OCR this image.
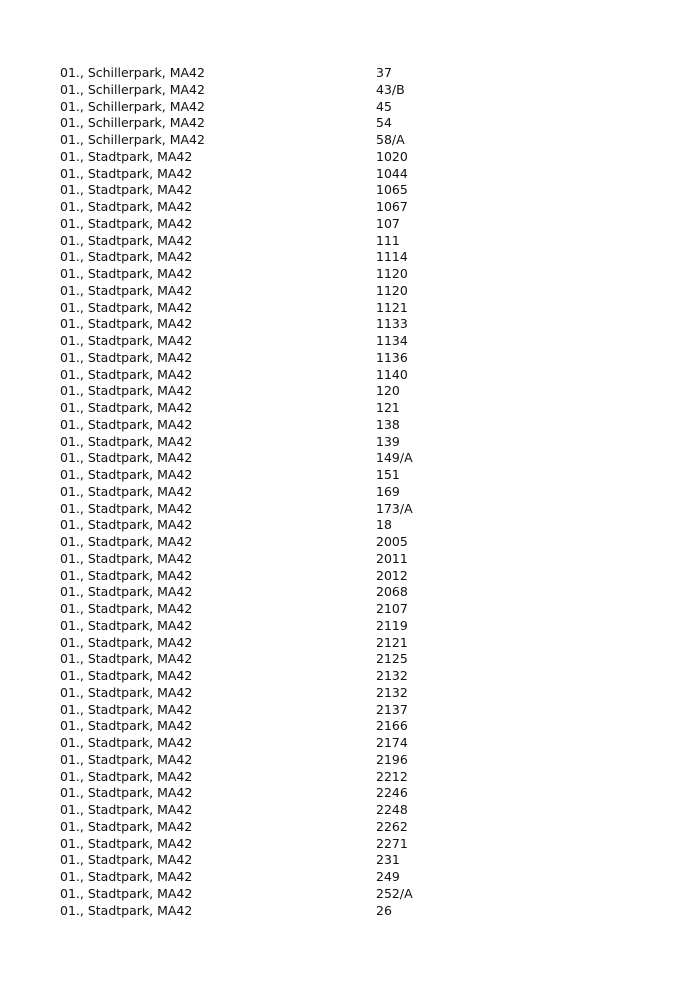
01., Schillerpark, MA42	37
01., Schillerpark, MA42	43/B
01., Schillerpark, MA42	45
01., Schillerpark, MA42	54
01., Schillerpark, MA42	58/A
01., Stadtpark, MA42	1020
01., Stadtpark, MA42	1044
01., Stadtpark, MA42	1065
01., Stadtpark, MA42	1067
01., Stadtpark, MA42	107
01., Stadtpark, MA42	111
01., Stadtpark, MA42	1114
01., Stadtpark, MA42	1120
01., Stadtpark, MA42	1120
01., Stadtpark, MA42	1121
01., Stadtpark, MA42	1133
01., Stadtpark, MA42	1134
01., Stadtpark, MA42	1136
01., Stadtpark, MA42	1140
01., Stadtpark, MA42	120
01., Stadtpark, MA42	121
01., Stadtpark, MA42	138
01., Stadtpark, MA42	139
01., Stadtpark, MA42	149/A
01., Stadtpark, MA42	151
01., Stadtpark, MA42	169
01., Stadtpark, MA42	173/A
01., Stadtpark, MA42	18
01., Stadtpark, MA42	2005
01., Stadtpark, MA42	2011
01., Stadtpark, MA42	2012
01., Stadtpark, MA42	2068
01., Stadtpark, MA42	2107
01., Stadtpark, MA42	2119
01., Stadtpark, MA42	2121
01., Stadtpark, MA42	2125
01., Stadtpark, MA42	2132
01., Stadtpark, MA42	2132
01., Stadtpark, MA42	2137
01., Stadtpark, MA42	2166
01., Stadtpark, MA42	2174
01., Stadtpark, MA42	2196
01., Stadtpark, MA42	2212
01., Stadtpark, MA42	2246
01., Stadtpark, MA42	2248
01., Stadtpark, MA42	2262
01., Stadtpark, MA42	2271
01., Stadtpark, MA42	231
01., Stadtpark, MA42	249
01., Stadtpark, MA42	252/A
01., Stadtpark, MA42	26
